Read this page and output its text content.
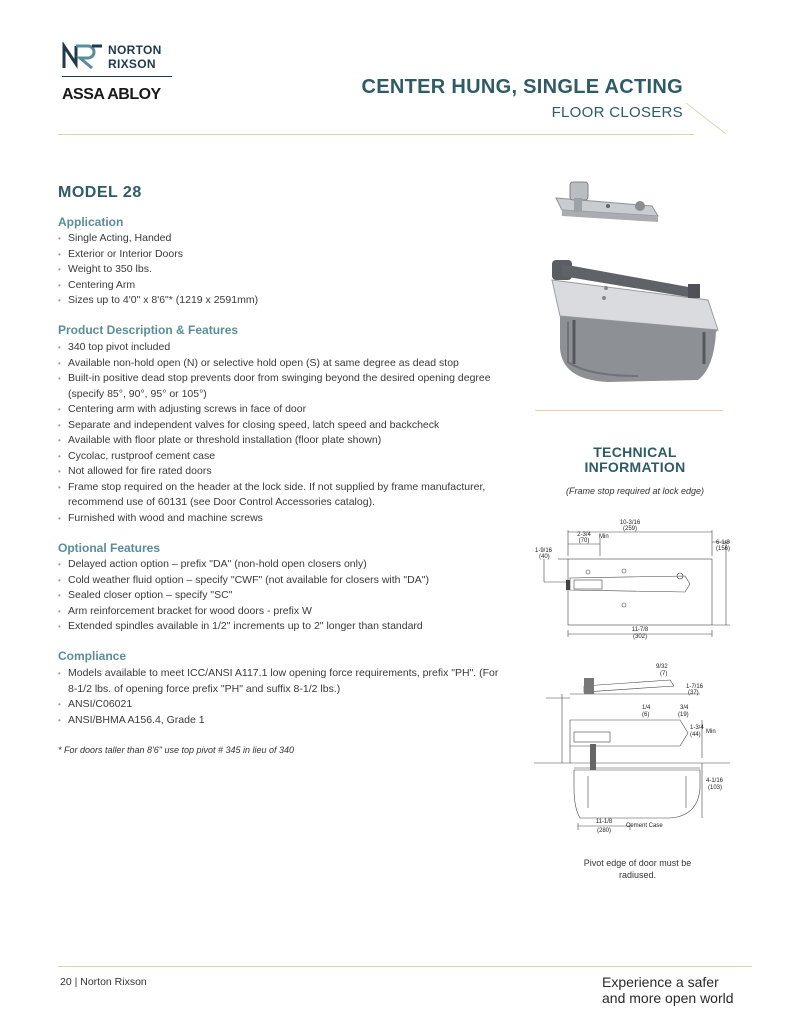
NORTON
RIXSON
ASSA ABLOY	CENTER HUNG, SINGLE ACTING
FLOOR CLOSERS
MODEL 28
Application
• Single Acting, Handed
• Exterior or Interior Doors
• Weight to 350 lbs.
• Centering Arm
• Sizes up to 4'0" x 8'6"* (1219 x 2591mm)
Product Description & Features
• 340 top pivot included
• Available non-hold open (N) or selective hold open (S) at same degree as dead stop
• Built-in positive dead stop prevents door from swinging beyond the desired opening degree (specify 85°, 90°, 95° or 105°)
• Centering arm with adjusting screws in face of door
• Separate and independent valves for closing speed, latch speed and backcheck
• Available with floor plate or threshold installation (floor plate shown)
• Cycolac, rustproof cement case
• Not allowed for fire rated doors
• Frame stop required on the header at the lock side. If not supplied by frame manufacturer, recommend use of 60131 (see Door Control Accessories catalog).
• Furnished with wood and machine screws
Optional Features
• Delayed action option – prefix "DA" (non-hold open closers only)
• Cold weather fluid option – specify "CWF" (not available for closers with "DA")
• Sealed closer option – specify "SC"
• Arm reinforcement bracket for wood doors - prefix W
• Extended spindles available in 1/2" increments up to 2" longer than standard
Compliance
• Models available to meet ICC/ANSI A117.1 low opening force requirements, prefix "PH". (For 8-1/2 lbs. of opening force prefix "PH" and suffix 8-1/2 lbs.)
• ANSI/C06021
• ANSI/BHMA A156.4, Grade 1
* For doors taller than 8'6" use top pivot # 345 in lieu of 340
TECHNICAL
INFORMATION
(Frame stop required at lock edge)
10-3/16
(259)
2-3/4
(70)
Min
1-9/16
(40)
6-1/8
(156)
11-7/8
(302)
9/32
(7)
1-7/16
(37)
1/4
(6)
3/4
(19)
1-3/4
Min
(44)
4-1/16
(103)
11-1/8
(280)
Cement Case
Pivot edge of door must be radiused.
20 | Norton Rixson	Experience a safer
and more open world
